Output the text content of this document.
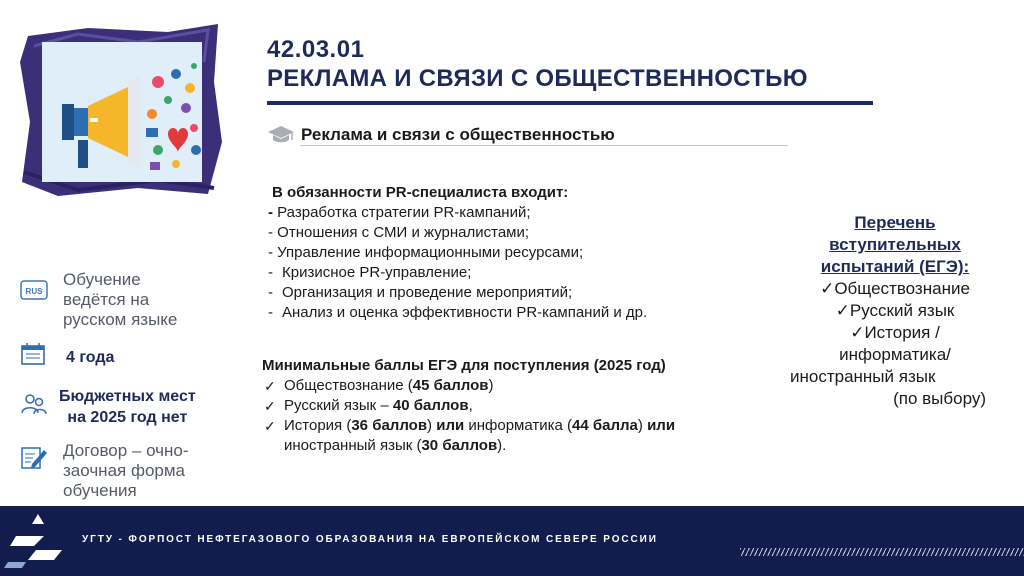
42.03.01
РЕКЛАМА И СВЯЗИ С ОБЩЕСТВЕННОСТЬЮ
Реклама и связи с общественностью
В обязанности PR-специалиста входит:
- Разработка стратегии PR-кампаний;
- Отношения с СМИ и журналистами;
- Управление информационными ресурсами;
- Кризисное PR-управление;
- Организация и проведение мероприятий;
- Анализ и оценка эффективности PR-кампаний и др.
Минимальные баллы ЕГЭ для поступления (2025 год)
✓ Обществознание (45 баллов)
✓ Русский язык – 40 баллов,
✓ История (36 баллов) или информатика (44 балла) или
иностранный язык (30 баллов).
Перечень
вступительных
испытаний (ЕГЭ):
✓Обществознание
✓Русский язык
✓История /
информатика/
иностранный язык
(по выбору)
RUS
Обучение
ведётся на
русском языке
4 года
Бюджетных мест
на 2025 год нет
Договор – очно-
заочная форма
обучения
УГТУ - ФОРПОСТ НЕФТЕГАЗОВОГО ОБРАЗОВАНИЯ НА ЕВРОПЕЙСКОМ СЕВЕРЕ РОССИИ
